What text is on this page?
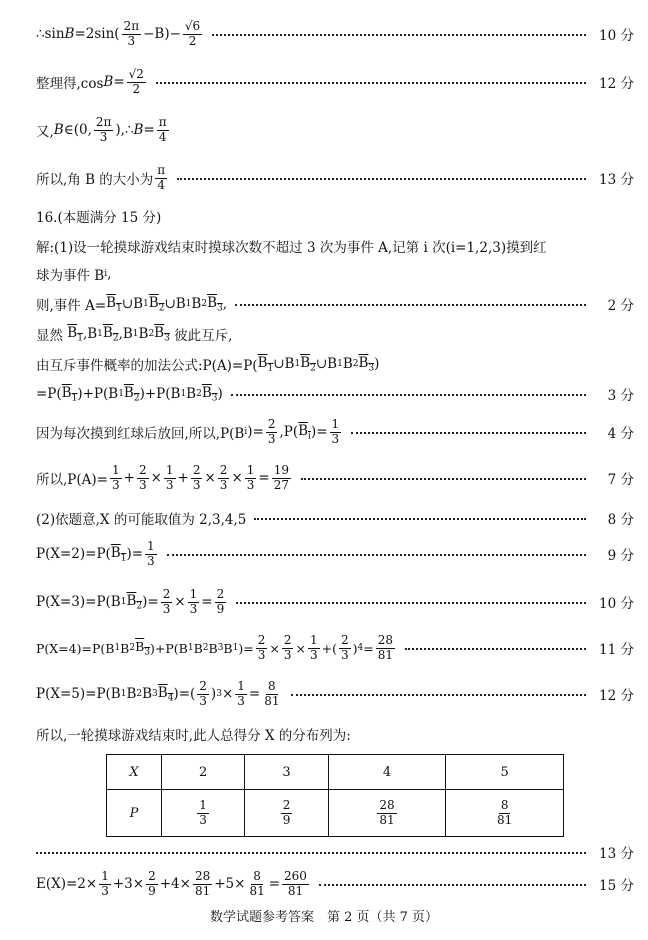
∴sin $B =2\sin( \frac{2\pi}{3} -B)- \frac{√6}{2}$	10 分
整理得,cos $B = \frac{√2}{2}$	12 分
又, B ∈(0, $\frac{2\pi}{3}$ ),∴ $B = \frac{\pi}{4}$
所以,角 B 的大小为 $\frac{\pi}{4}$	13 分
16.(本题满分 15 分)
解:(1)设一轮摸球游戏结束时摸球次数不超过 3 次为事件 A,记第 i 次(i=1,2,3)摸到红
球为事件 B i ,
则,事件 $A= B_1$ ∪B 1 $B_2$ ∪B 1 B 2 $B_3$ ,	2 分
显然
$B_1$ ,B 1 $B_2$ ,B 1 B 2 $B_3$
彼此互斥,
由互斥事件概率的加法公式:P(A)=P( $B_1$ ∪B 1 $B_2$ ∪B 1 B 2 $B_3$ )
=P( $B_1$ )+P(B 1 $B_2$ )+P(B 1 B 2 $B_3$ )	3 分
因为每次摸到红球后放回,所以,P(B i )= $\frac{2}{3} ,P$( $B_i$ )= $\frac{1}{3}$	4 分
所以$,P(A)= \frac{1}{3} + \frac{2}{3} \times \frac{1}{3} + \frac{2}{3} \times \frac{2}{3} \times \frac{1}{3} = \frac{19}{27}$	7 分
(2)依题意,X 的可能取值为 2,3,4,5	8 分
P(X=2)=P( $B_1$ )= $\frac{1}{3}$	9 分
P(X=3)=P(B 1 $B_2$ )= $\frac{2}{3} \times \frac{1}{3} = \frac{2}{9}$	10 分
P(X=4)=P(B 1 B 2 $B_3$ )+P(B 1 B 2 B 3 B 1 )= $\frac{2}{3} \times \frac{2}{3} \times \frac{1}{3}$ +( $\frac{2}{3}$ ) $4 = \frac{28}{81}$	11 分
P(X=5)=P(B 1 B 2 B 3 $B_4$ )=( $\frac{2}{3}$ ) $3 \times \frac{1}{3} = \frac{8}{81}$	12 分
所以,一轮摸球游戏结束时,此人总得分 X 的分布列为:
X	2	3	4	5
P	$\frac{1}{3}$	$\frac{2}{9}$	$\frac{28}{81}$	$\frac{8}{81}$
13 分
$E(X)=2\times \frac{1}{3} +3\times \frac{2}{9} +4\times \frac{28}{81} +5\times \frac{8}{81} = \frac{260}{81}$	15 分
数学试题参考答案　第 2 页（共 7 页）
